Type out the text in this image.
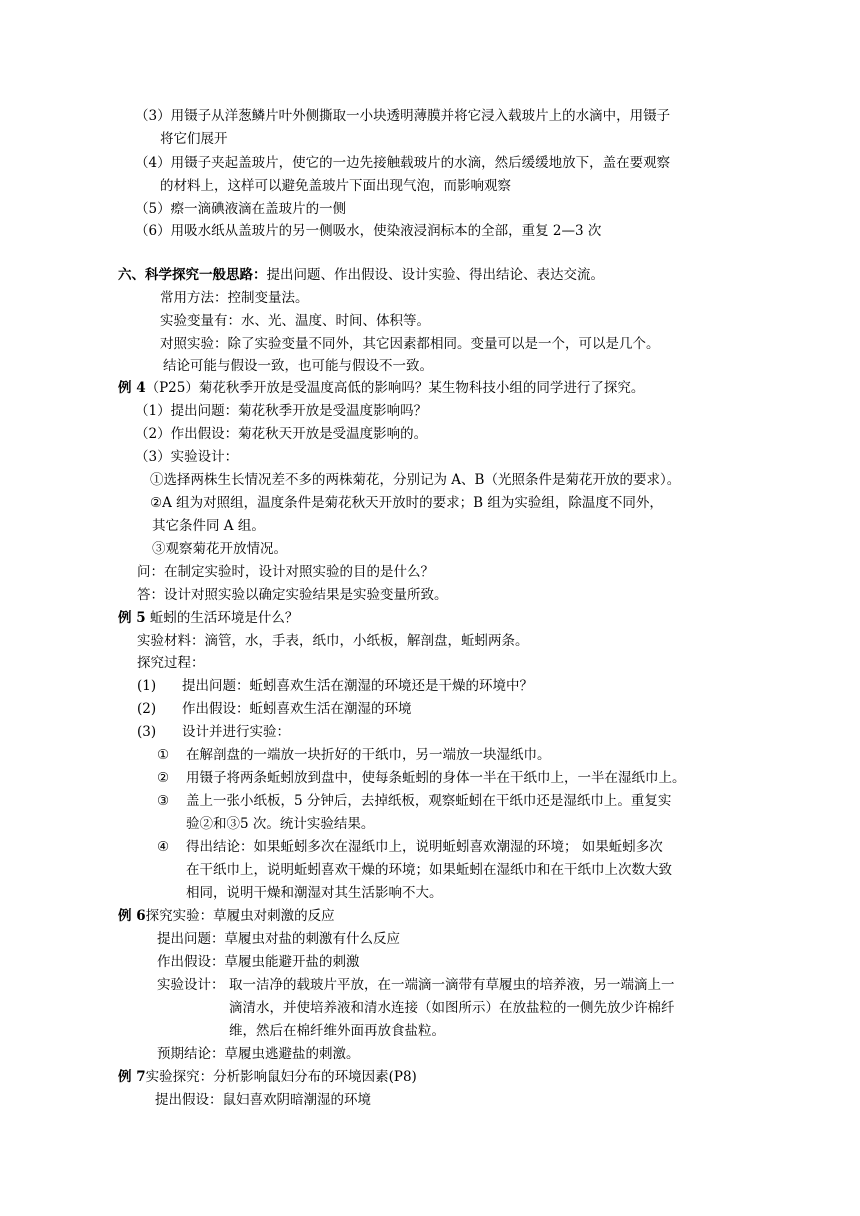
（3）用镊子从洋葱鳞片叶外侧撕取一小块透明薄膜并将它浸入载玻片上的水滴中，用镊子
将它们展开
（4）用镊子夹起盖玻片，使它的一边先接触载玻片的水滴，然后缓缓地放下，盖在要观察
的材料上，这样可以避免盖玻片下面出现气泡，而影响观察
（5）瘵一滴碘液滴在盖玻片的一侧
（6）用吸水纸从盖玻片的另一侧吸水，使染液浸润标本的全部，重复 2—3 次
六、科学探究一般思路：提出问题、作出假设、设计实验、得出结论、表达交流。
常用方法：控制变量法。
实验变量有：水、光、温度、时间、体积等。
对照实验：除了实验变量不同外，其它因素都相同。变量可以是一个，可以是几个。
结论可能与假设一致，也可能与假设不一致。
例 4（P25）菊花秋季开放是受温度高低的影响吗？某生物科技小组的同学进行了探究。
（1）提出问题：菊花秋季开放是受温度影响吗？
（2）作出假设：菊花秋天开放是受温度影响的。
（3）实验设计：
①选择两株生长情况差不多的两株菊花，分别记为 A、B（光照条件是菊花开放的要求）。
②A 组为对照组，温度条件是菊花秋天开放时的要求；B 组为实验组，除温度不同外，
其它条件同 A 组。
③观察菊花开放情况。
问：在制定实验时，设计对照实验的目的是什么？
答：设计对照实验以确定实验结果是实验变量所致。
例 5 蚯蚓的生活环境是什么？
实验材料：滴管，水，手表，纸巾，小纸板，解剖盘，蚯蚓两条。
探究过程：
(1) 提出问题：蚯蚓喜欢生活在潮湿的环境还是干燥的环境中？
(2) 作出假设：蚯蚓喜欢生活在潮湿的环境
(3) 设计并进行实验：
① 在解剖盘的一端放一块折好的干纸巾，另一端放一块湿纸巾。
② 用镊子将两条蚯蚓放到盘中，使每条蚯蚓的身体一半在干纸巾上，一半在湿纸巾上。
③ 盖上一张小纸板，5 分钟后，去掉纸板，观察蚯蚓在干纸巾还是湿纸巾上。重复实
验②和③5 次。统计实验结果。
④ 得出结论：如果蚯蚓多次在湿纸巾上，说明蚯蚓喜欢潮湿的环境； 如果蚯蚓多次
在干纸巾上，说明蚯蚓喜欢干燥的环境；如果蚯蚓在湿纸巾和在干纸巾上次数大致
相同，说明干燥和潮湿对其生活影响不大。
例 6探究实验：草履虫对刺激的反应
提出问题：草履虫对盐的刺激有什么反应
作出假设：草履虫能避开盐的刺激
实验设计： 取一洁净的载玻片平放，在一端滴一滴带有草履虫的培养液，另一端滴上一
滴清水，并使培养液和清水连接（如图所示）在放盐粒的一侧先放少许棉纤
维，然后在棉纤维外面再放食盐粒。
预期结论：草履虫逃避盐的刺激。
例 7实验探究：分析影响鼠妇分布的环境因素(P8)
提出假设：鼠妇喜欢阴暗潮湿的环境
